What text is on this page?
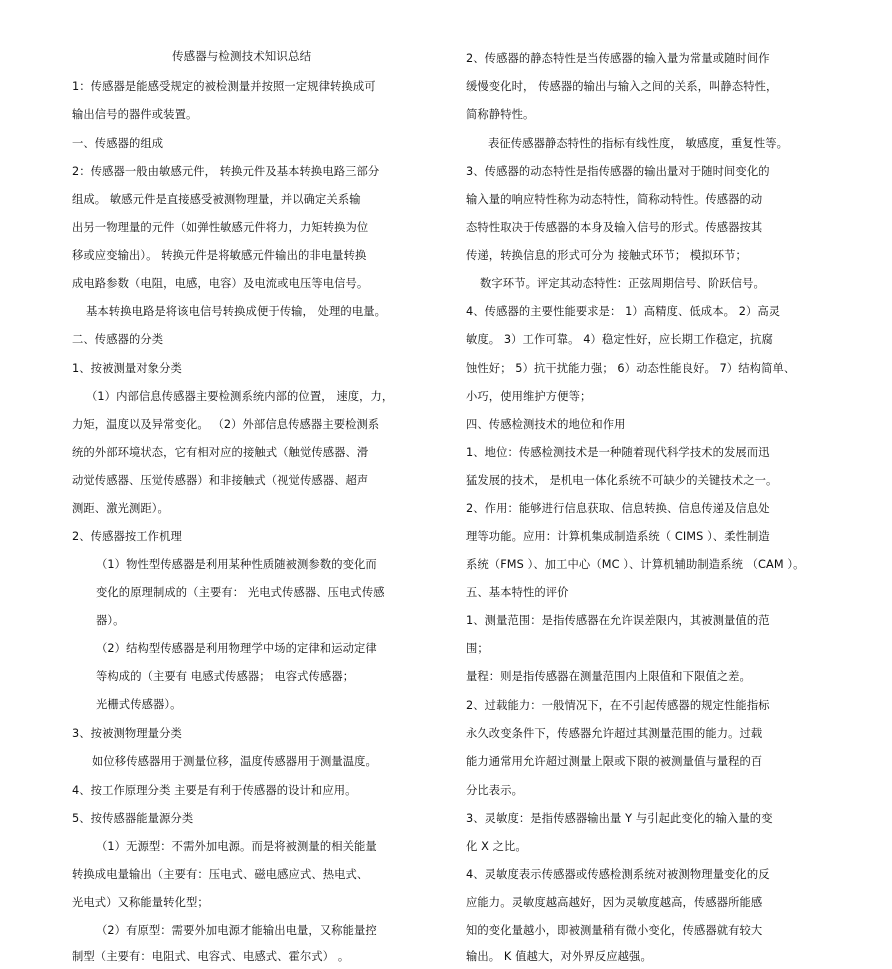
传感器与检测技术知识总结
1：传感器是能感受规定的被检测量并按照一定规律转换成可
输出信号的器件或装置。
一、传感器的组成
2：传感器一般由敏感元件， 转换元件及基本转换电路三部分
组成。 敏感元件是直接感受被测物理量，并以确定关系输
出另一物理量的元件（如弹性敏感元件将力，力矩转换为位
移或应变输出）。 转换元件是将敏感元件输出的非电量转换
成电路参数（电阻，电感，电容）及电流或电压等电信号。
基本转换电路是将该电信号转换成便于传输， 处理的电量。
二、传感器的分类
1、按被测量对象分类
（1）内部信息传感器主要检测系统内部的位置， 速度，力，
力矩，温度以及异常变化。 （2）外部信息传感器主要检测系
统的外部环境状态，它有相对应的接触式（触觉传感器、滑
动觉传感器、压觉传感器）和非接触式（视觉传感器、超声
测距、激光测距）。
2、传感器按工作机理
（1）物性型传感器是利用某种性质随被测参数的变化而
变化的原理制成的（主要有： 光电式传感器、压电式传感
器）。
（2）结构型传感器是利用物理学中场的定律和运动定律
等构成的（主要有 电感式传感器； 电容式传感器；
光栅式传感器）。
3、按被测物理量分类
如位移传感器用于测量位移，温度传感器用于测量温度。
4、按工作原理分类 主要是有利于传感器的设计和应用。
5、按传感器能量源分类
（1）无源型：不需外加电源。而是将被测量的相关能量
转换成电量输出（主要有：压电式、磁电感应式、热电式、
光电式）又称能量转化型；
（2）有原型：需要外加电源才能输出电量，又称能量控
制型（主要有：电阻式、电容式、电感式、霍尔式） 。
2、传感器的静态特性是当传感器的输入量为常量或随时间作
缓慢变化时， 传感器的输出与输入之间的关系，叫静态特性，
简称静特性。
表征传感器静态特性的指标有线性度， 敏感度，重复性等。
3、传感器的动态特性是指传感器的输出量对于随时间变化的
输入量的响应特性称为动态特性，简称动特性。传感器的动
态特性取决于传感器的本身及输入信号的形式。传感器按其
传递，转换信息的形式可分为 接触式环节； 模拟环节；
数字环节。评定其动态特性：正弦周期信号、阶跃信号。
4、传感器的主要性能要求是： 1）高精度、低成本。 2）高灵
敏度。 3）工作可靠。 4）稳定性好，应长期工作稳定，抗腐
蚀性好； 5）抗干扰能力强； 6）动态性能良好。 7）结构简单、
小巧，使用维护方便等；
四、传感检测技术的地位和作用
1、地位：传感检测技术是一种随着现代科学技术的发展而迅
猛发展的技术， 是机电一体化系统不可缺少的关键技术之一。
2、作用：能够进行信息获取、信息转换、信息传递及信息处
理等功能。应用：计算机集成制造系统（ CIMS ）、柔性制造
系统（FMS ）、加工中心（MC ）、计算机辅助制造系统 （CAM ）。
五、基本特性的评价
1、测量范围：是指传感器在允许误差限内，其被测量值的范
围；
量程：则是指传感器在测量范围内上限值和下限值之差。
2、过载能力：一般情况下，在不引起传感器的规定性能指标
永久改变条件下，传感器允许超过其测量范围的能力。过载
能力通常用允许超过测量上限或下限的被测量值与量程的百
分比表示。
3、灵敏度：是指传感器输出量 Y 与引起此变化的输入量的变
化 X 之比。
4、灵敏度表示传感器或传感检测系统对被测物理量变化的反
应能力。灵敏度越高越好，因为灵敏度越高，传感器所能感
知的变化量越小，即被测量稍有微小变化，传感器就有较大
输出。 K 值越大，对外界反应越强。
